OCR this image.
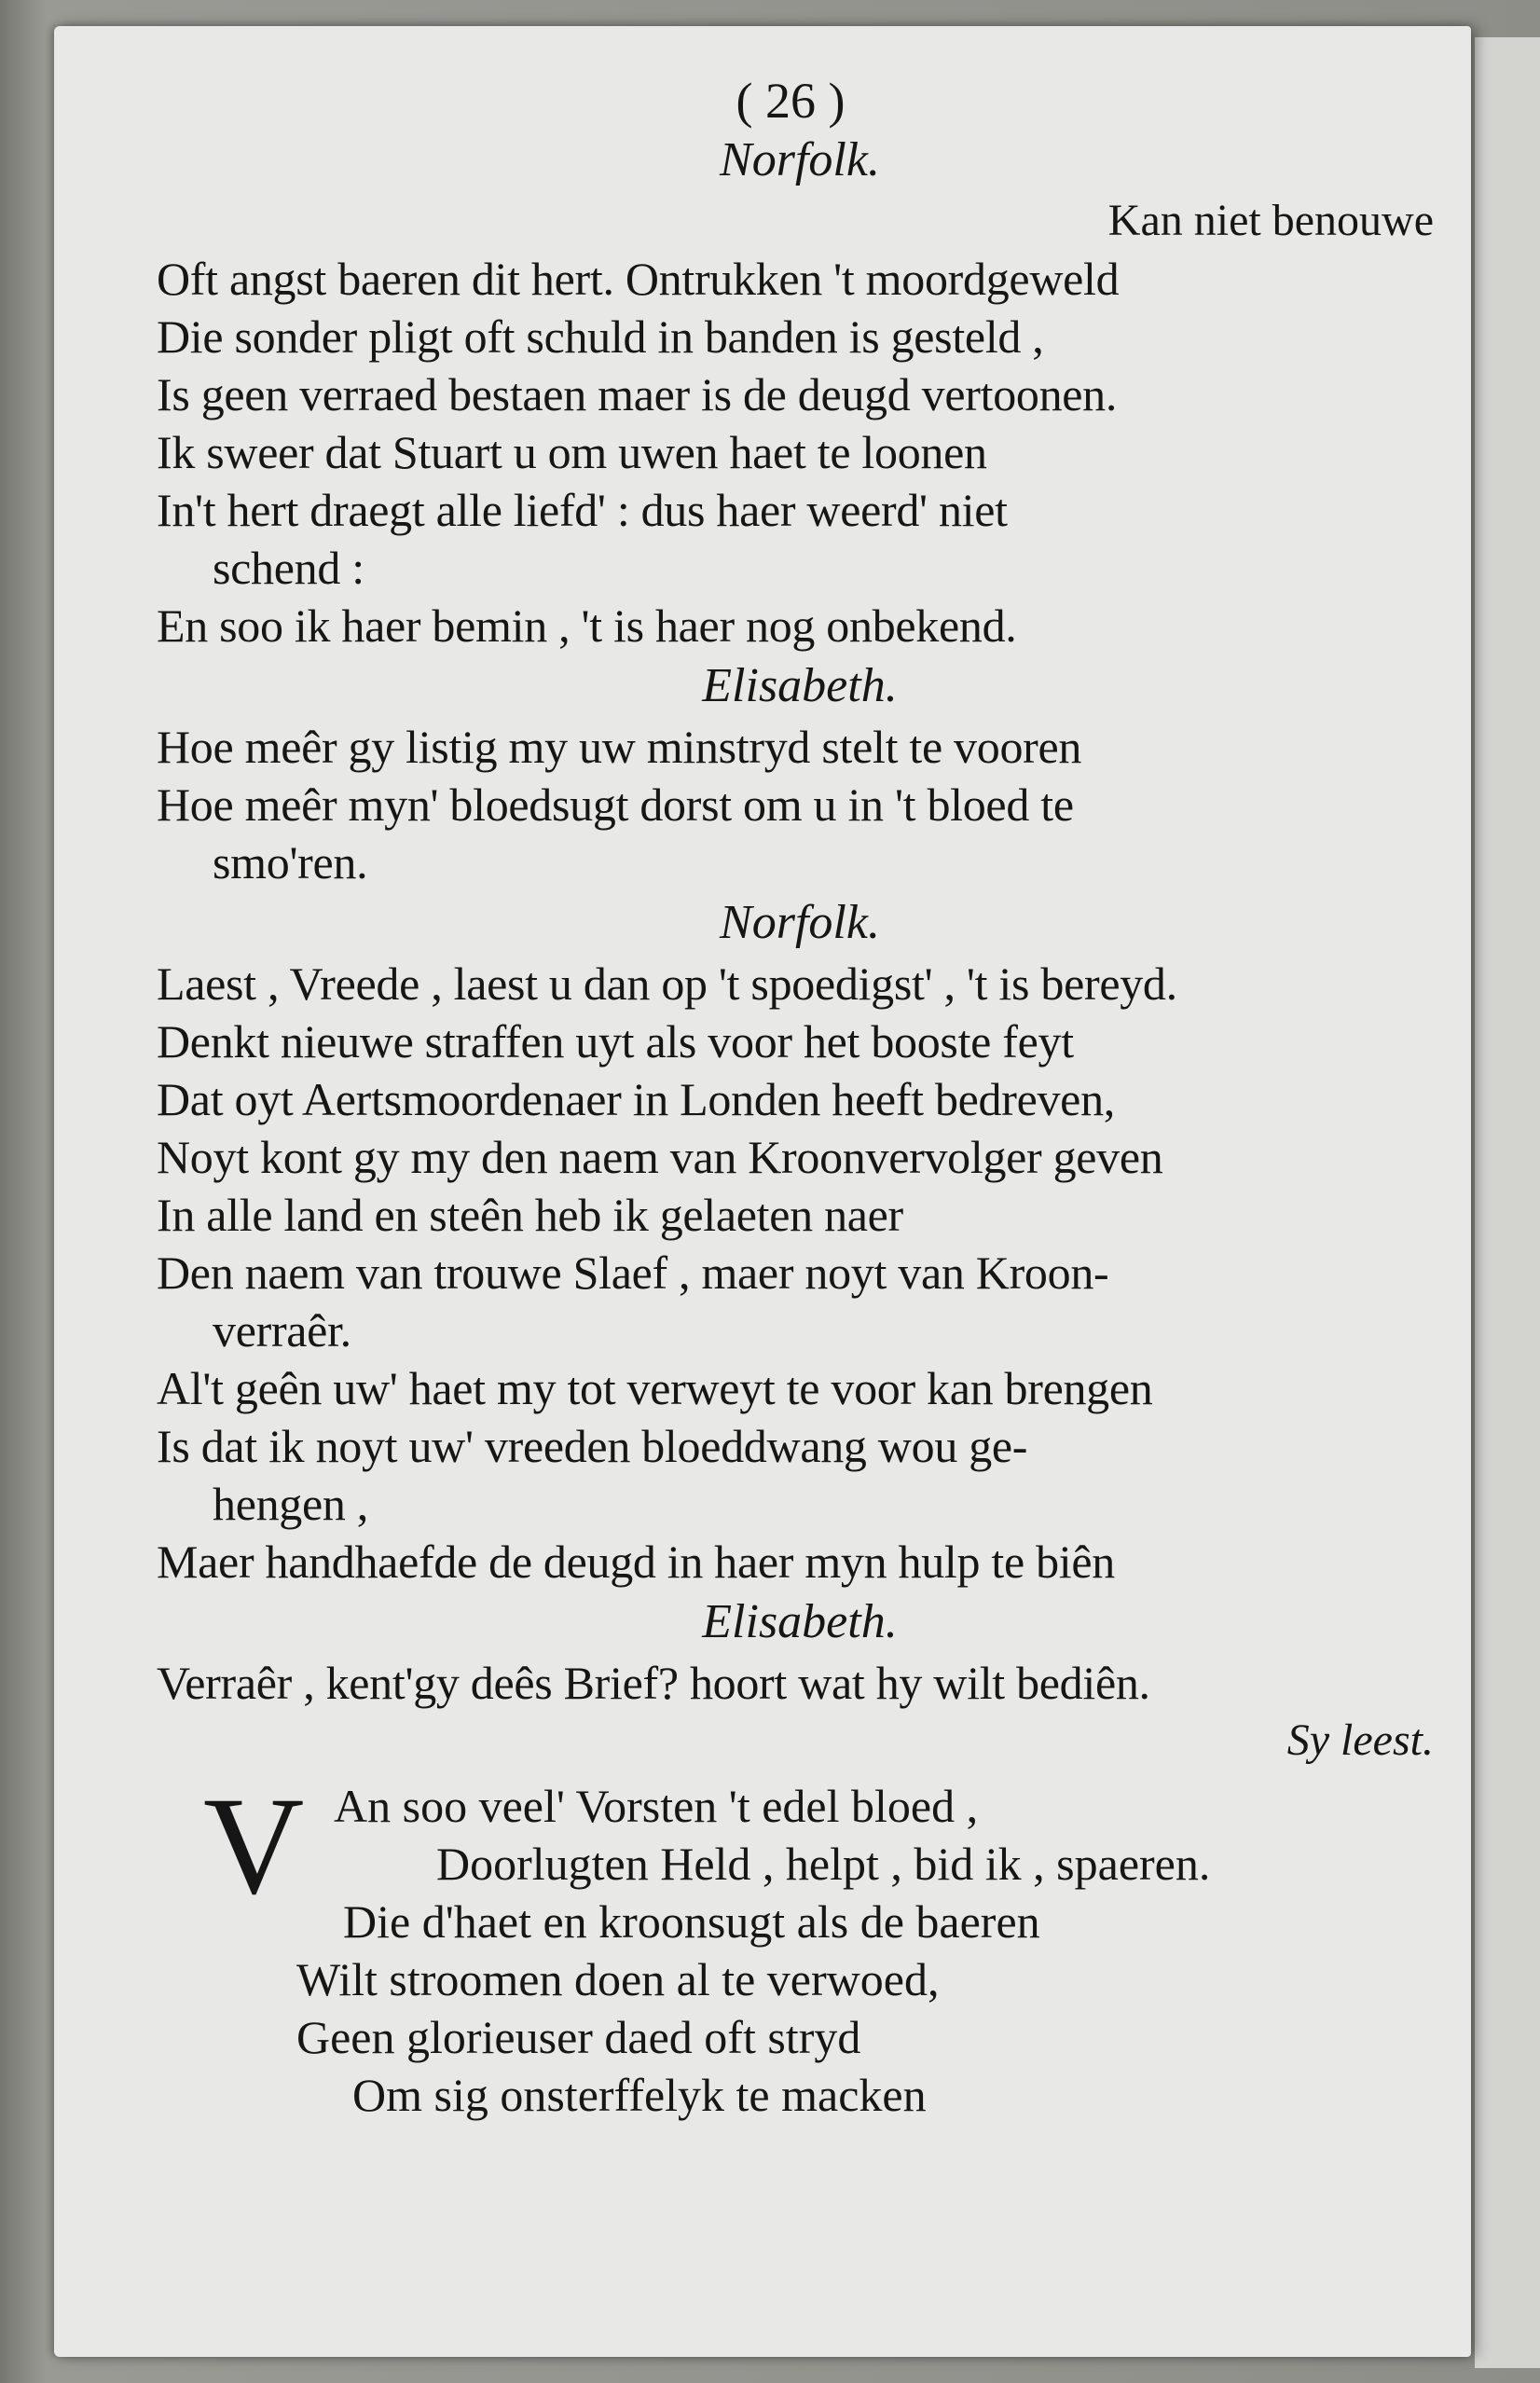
( 26 )
Norfolk.
Kan niet benouwe
Oft angst baeren dit hert. Ontrukken 't moordgeweld
Die sonder pligt oft schuld in banden is gesteld ,
Is geen verraed bestaen maer is de deugd vertoonen.
Ik sweer dat Stuart u om uwen haet te loonen
In't hert draegt alle liefd' : dus haer weerd' niet
schend :
En soo ik haer bemin , 't is haer nog onbekend.
Elisabeth.
Hoe meêr gy listig my uw minstryd stelt te vooren
Hoe meêr myn' bloedsugt dorst om u in 't bloed te
smo'ren.
Norfolk.
Laest , Vreede , laest u dan op 't spoedigst' , 't is bereyd.
Denkt nieuwe straffen uyt als voor het booste feyt
Dat oyt Aertsmoordenaer in Londen heeft bedreven,
Noyt kont gy my den naem van Kroonvervolger geven
In alle land en steên heb ik gelaeten naer
Den naem van trouwe Slaef , maer noyt van Kroon-
verraêr.
Al't geên uw' haet my tot verweyt te voor kan brengen
Is dat ik noyt uw' vreeden bloeddwang wou ge-
hengen ,
Maer handhaefde de deugd in haer myn hulp te biên
Elisabeth.
Verraêr , kent'gy deês Brief? hoort wat hy wilt bediên.
Sy leest.
V An soo veel' Vorsten 't edel bloed ,
Doorlugten Held , helpt , bid ik , spaeren.
Die d'haet en kroonsugt als de baeren
Wilt stroomen doen al te verwoed,
Geen glorieuser daed oft stryd
Om sig onsterffelyk te macken
